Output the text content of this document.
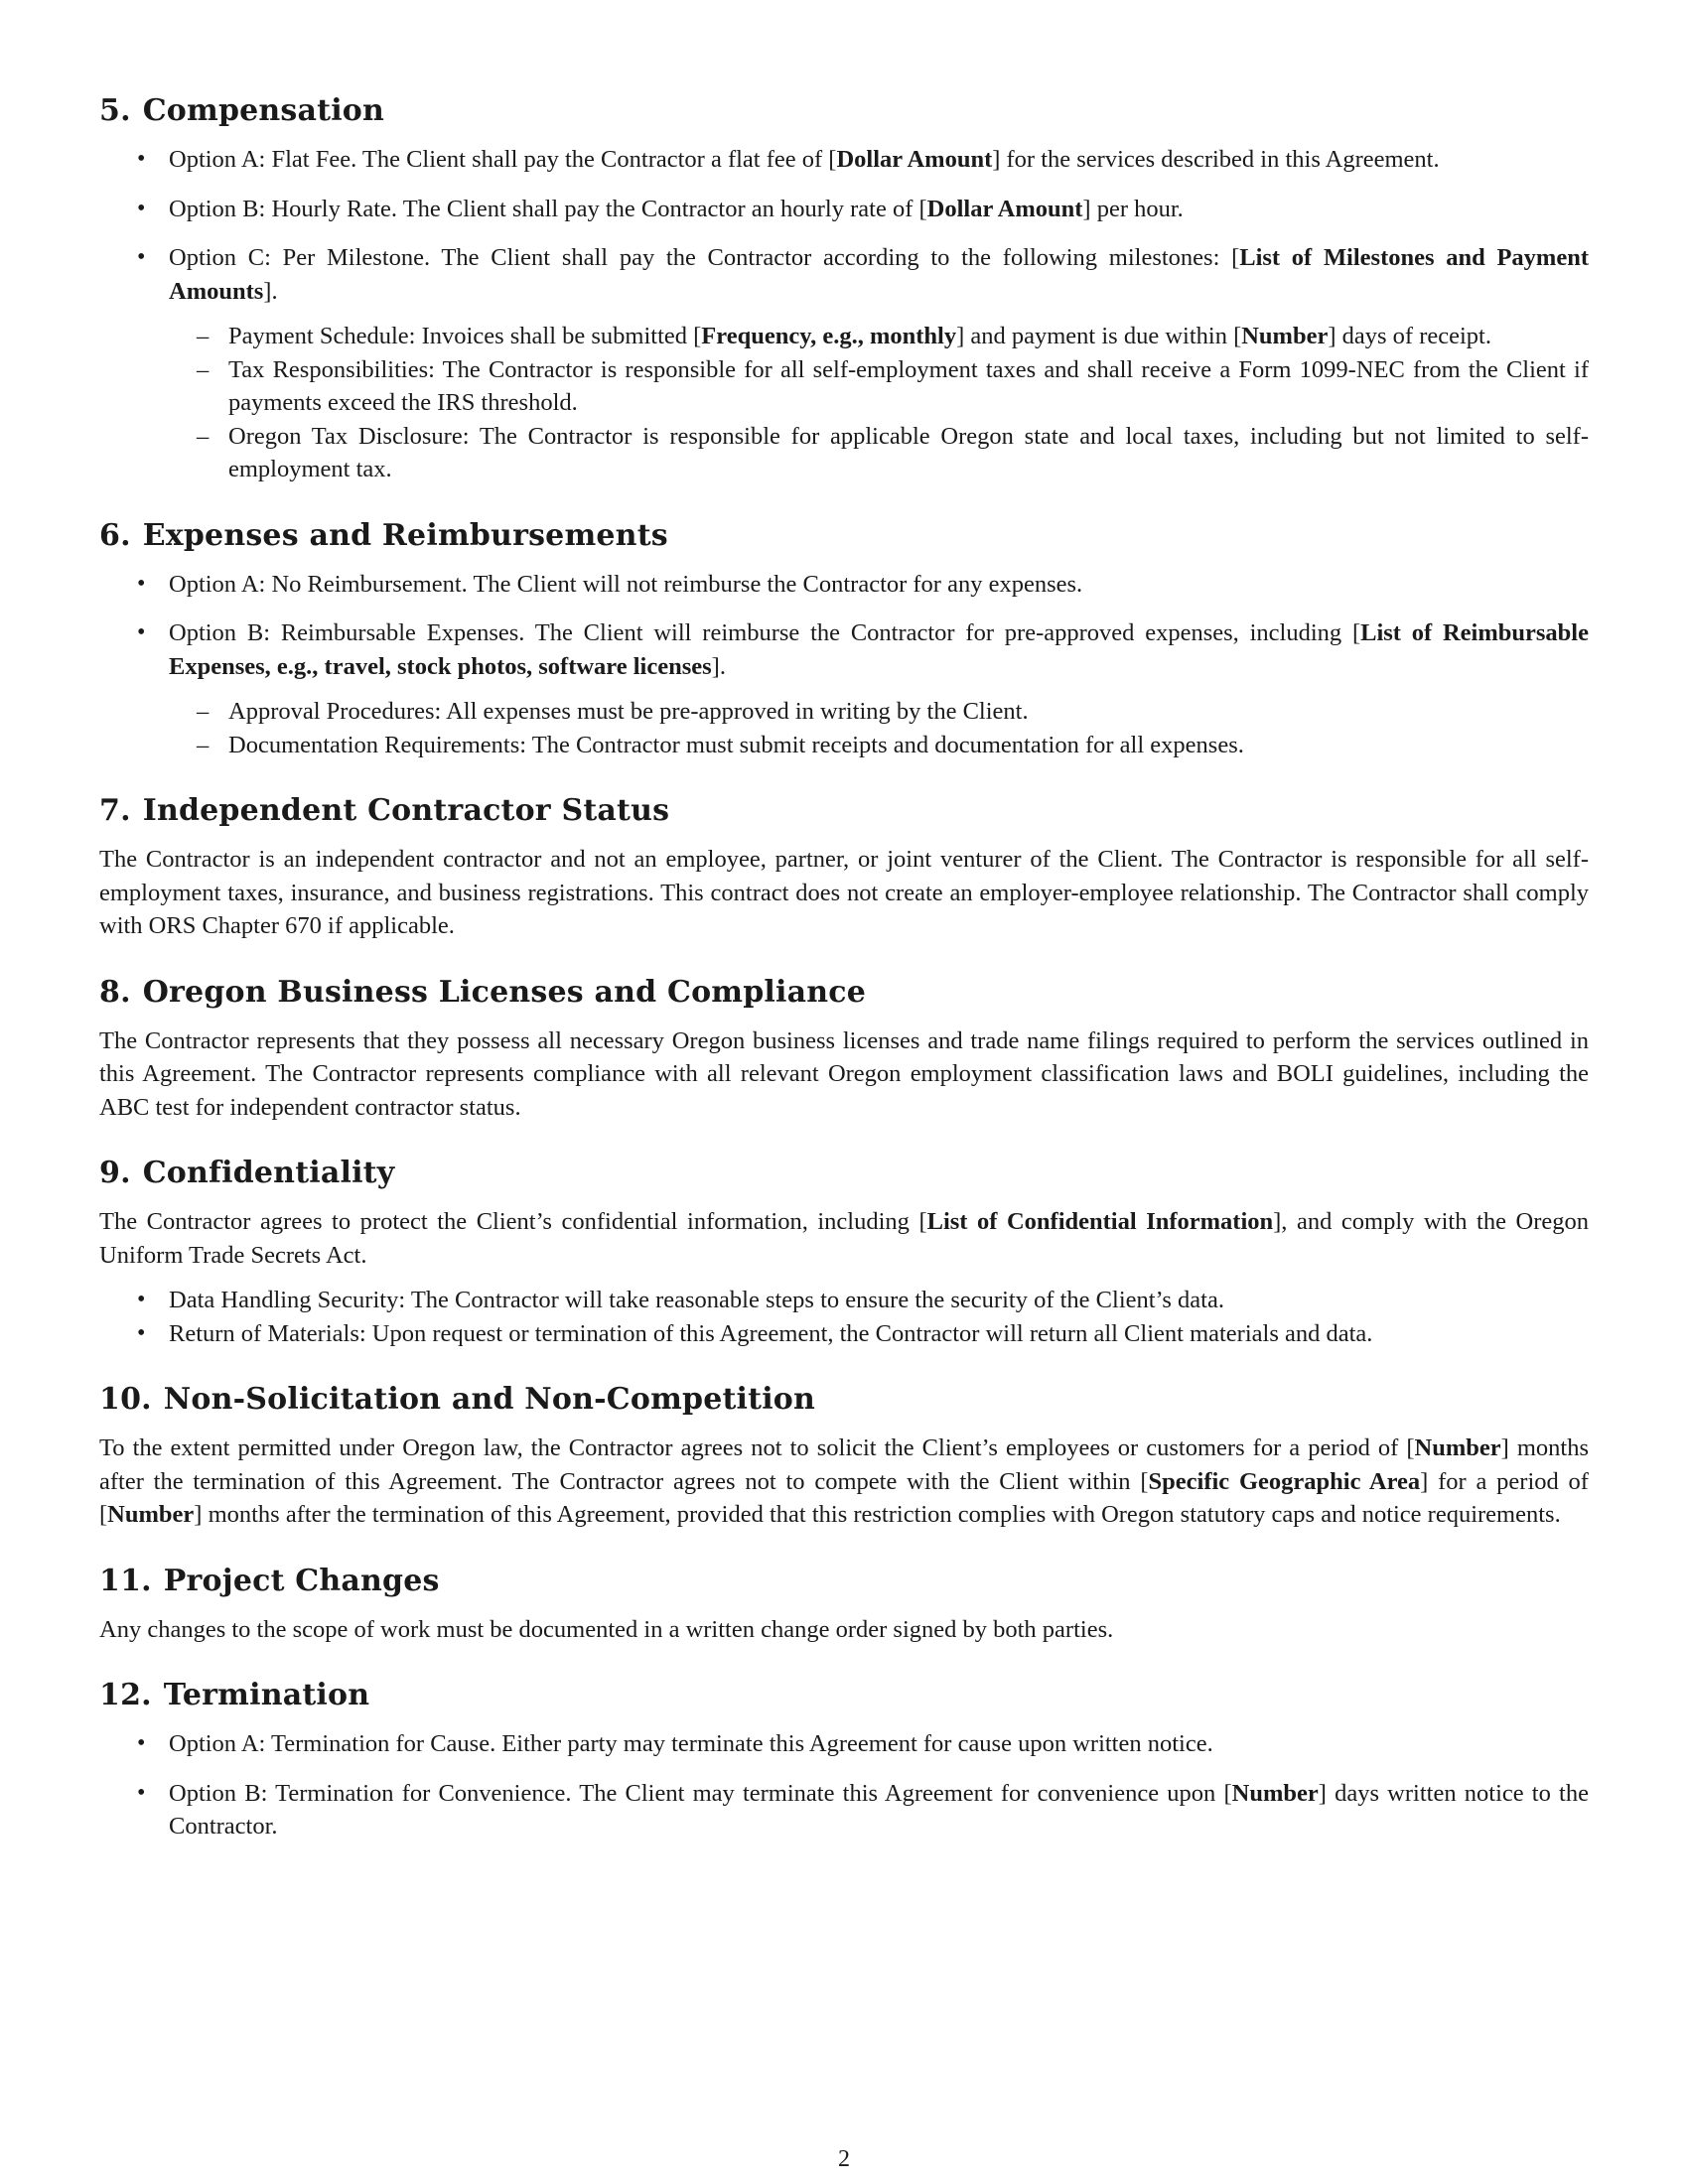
5. Compensation
• Option A: Flat Fee. The Client shall pay the Contractor a flat fee of [Dollar Amount] for the services described in this Agreement.
• Option B: Hourly Rate. The Client shall pay the Contractor an hourly rate of [Dollar Amount] per hour.
• Option C: Per Milestone. The Client shall pay the Contractor according to the following milestones: [List of Milestones and Payment Amounts].
– Payment Schedule: Invoices shall be submitted [Frequency, e.g., monthly] and payment is due within [Number] days of receipt.
– Tax Responsibilities: The Contractor is responsible for all self-employment taxes and shall receive a Form 1099-NEC from the Client if payments exceed the IRS threshold.
– Oregon Tax Disclosure: The Contractor is responsible for applicable Oregon state and local taxes, including but not limited to self-employment tax.
6. Expenses and Reimbursements
• Option A: No Reimbursement. The Client will not reimburse the Contractor for any expenses.
• Option B: Reimbursable Expenses. The Client will reimburse the Contractor for pre-approved expenses, including [List of Reimbursable Expenses, e.g., travel, stock photos, software licenses].
– Approval Procedures: All expenses must be pre-approved in writing by the Client.
– Documentation Requirements: The Contractor must submit receipts and documentation for all expenses.
7. Independent Contractor Status

The Contractor is an independent contractor and not an employee, partner, or joint venturer of the Client. The Contractor is responsible for all self-employment taxes, insurance, and business registrations. This contract does not create an employer-employee relationship. The Contractor shall comply with ORS Chapter 670 if applicable.

8. Oregon Business Licenses and Compliance

The Contractor represents that they possess all necessary Oregon business licenses and trade name filings required to perform the services outlined in this Agreement. The Contractor represents compliance with all relevant Oregon employment classification laws and BOLI guidelines, including the ABC test for independent contractor status.

9. Confidentiality

The Contractor agrees to protect the Client’s confidential information, including [List of Confidential Information], and comply with the Oregon Uniform Trade Secrets Act.

• Data Handling Security: The Contractor will take reasonable steps to ensure the security of the Client’s data.
• Return of Materials: Upon request or termination of this Agreement, the Contractor will return all Client materials and data.
10. Non-Solicitation and Non-Competition

To the extent permitted under Oregon law, the Contractor agrees not to solicit the Client’s employees or customers for a period of [Number] months after the termination of this Agreement. The Contractor agrees not to compete with the Client within [Specific Geographic Area] for a period of [Number] months after the termination of this Agreement, provided that this restriction complies with Oregon statutory caps and notice requirements.

11. Project Changes

Any changes to the scope of work must be documented in a written change order signed by both parties.

12. Termination
• Option A: Termination for Cause. Either party may terminate this Agreement for cause upon written notice.
• Option B: Termination for Convenience. The Client may terminate this Agreement for convenience upon [Number] days written notice to the Contractor.
2
